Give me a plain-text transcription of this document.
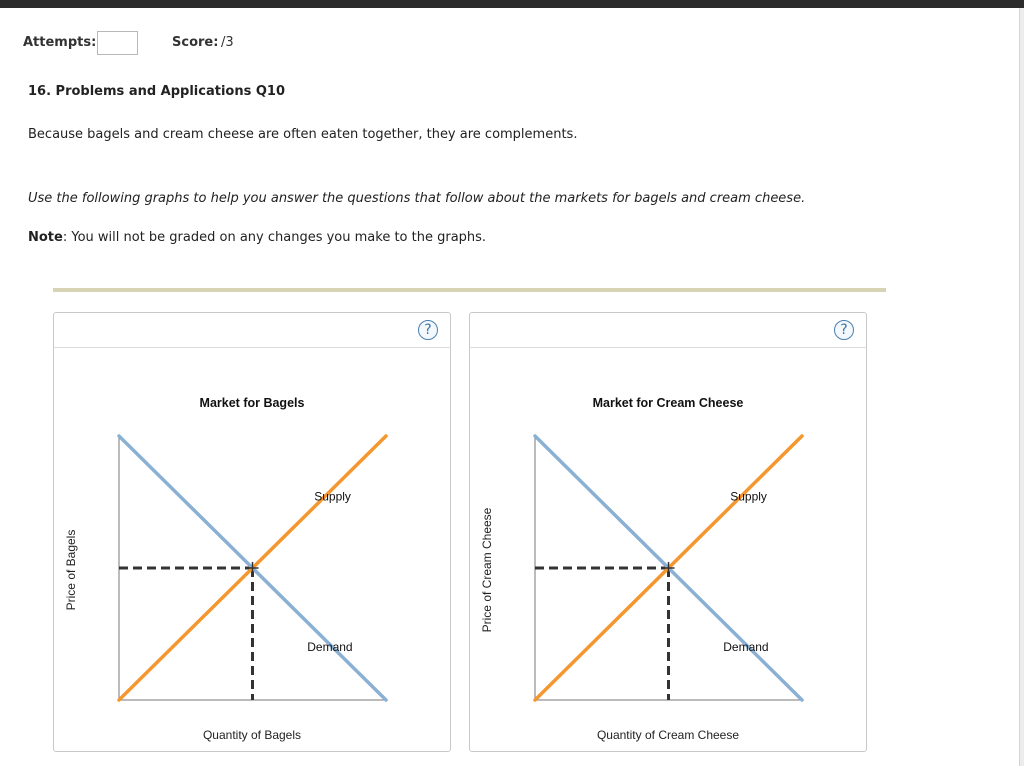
Attempts:	Score: /3
16. Problems and Applications Q10
Because bagels and cream cheese are often eaten together, they are complements.
Use the following graphs to help you answer the questions that follow about the markets for bagels and cream cheese.
Note: You will not be graded on any changes you make to the graphs.
?
Market for Bagels
Supply
Demand
Quantity of Bagels
Price of Bagels
?
Market for Cream Cheese
Supply
Demand
Quantity of Cream Cheese
Price of Cream Cheese
